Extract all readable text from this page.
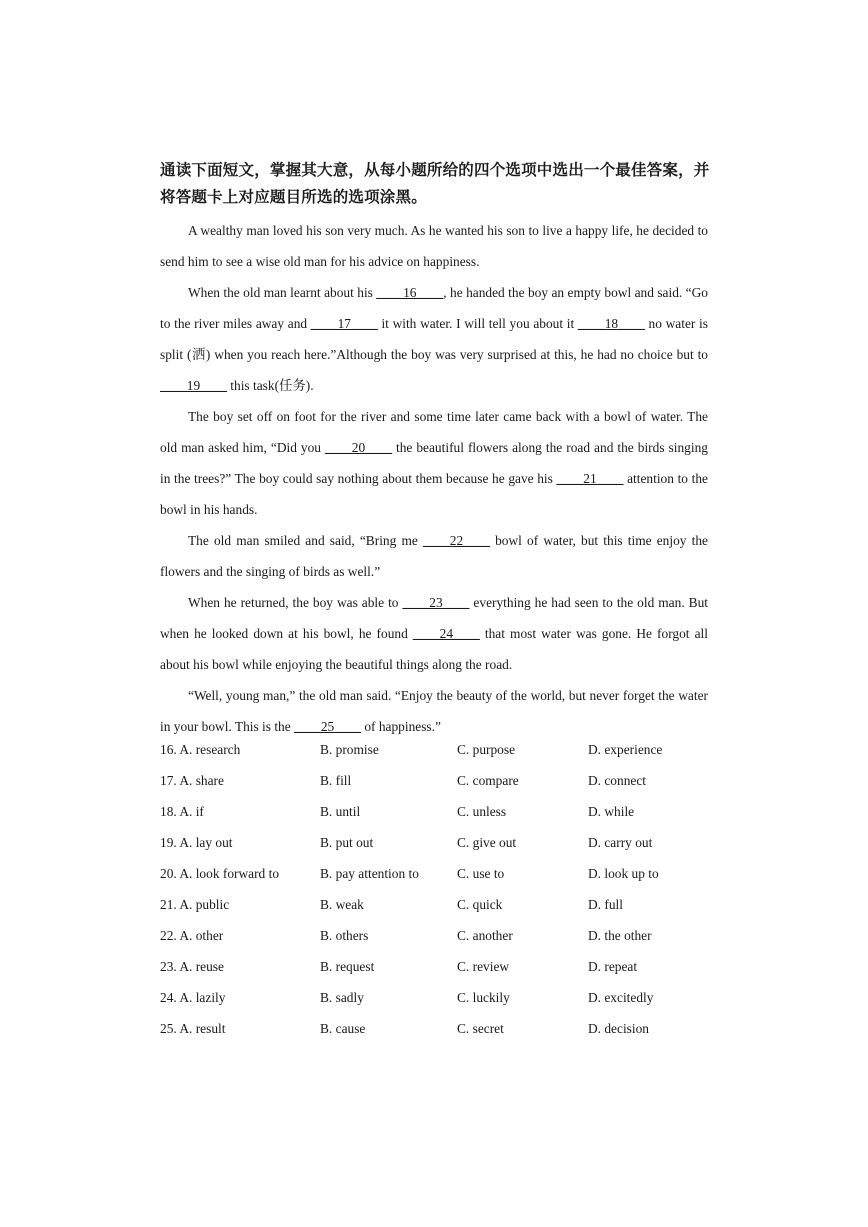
通读下面短文，掌握其大意，从每小题所给的四个选项中选出一个最佳答案，并将答题卡上对应题目所选的选项涂黑。

A wealthy man loved his son very much. As he wanted his son to live a happy life, he decided to send him to see a wise old man for his advice on happiness.

When the old man learnt about his ____16____, he handed the boy an empty bowl and said. “Go to the river miles away and ____17____ it with water. I will tell you about it ____18____ no water is split (洒) when you reach here.”Although the boy was very surprised at this, he had no choice but to ____19____ this task(任务).

The boy set off on foot for the river and some time later came back with a bowl of water. The old man asked him, “Did you ____20____ the beautiful flowers along the road and the birds singing in the trees?” The boy could say nothing about them because he gave his ____21____ attention to the bowl in his hands.

The old man smiled and said, “Bring me ____22____ bowl of water, but this time enjoy the flowers and the singing of birds as well.”

When he returned, the boy was able to ____23____ everything he had seen to the old man. But when he looked down at his bowl, he found ____24____ that most water was gone. He forgot all about his bowl while enjoying the beautiful things along the road.

“Well, young man,” the old man said. “Enjoy the beauty of the world, but never forget the water in your bowl. This is the ____25____ of happiness.”

16. A. research	B. promise	C. purpose	D. experience
17. A. share	B. fill	C. compare	D. connect
18. A. if	B. until	C. unless	D. while
19. A. lay out	B. put out	C. give out	D. carry out
20. A. look forward to	B. pay attention to	C. use to	D. look up to
21. A. public	B. weak	C. quick	D. full
22. A. other	B. others	C. another	D. the other
23. A. reuse	B. request	C. review	D. repeat
24. A. lazily	B. sadly	C. luckily	D. excitedly
25. A. result	B. cause	C. secret	D. decision
